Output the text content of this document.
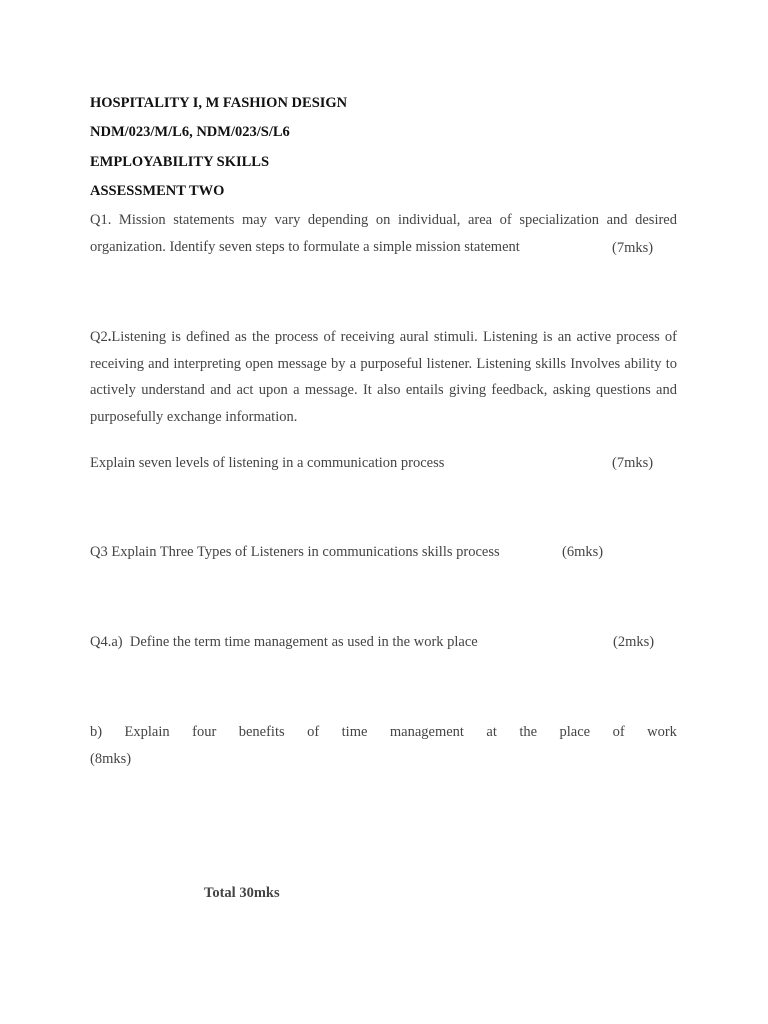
HOSPITALITY I, M FASHION DESIGN
NDM/023/M/L6, NDM/023/S/L6
EMPLOYABILITY SKILLS
ASSESSMENT TWO

Q1. Mission statements may vary depending on individual, area of specialization and desired organization. Identify seven steps to formulate a simple mission statement	(7mks)

Q2.Listening is defined as the process of receiving aural stimuli. Listening is an active process of receiving and interpreting open message by a purposeful listener. Listening skills Involves ability to actively understand and act upon a message. It also entails giving feedback, asking questions and purposefully exchange information.

Explain seven levels of listening in a communication process	(7mks)
Q3 Explain Three Types of Listeners in communications skills process	(6mks)
Q4.a)  Define the term time management as used in the work place	(2mks)
b) Explain four benefits of time management at the place of work
(8mks)
Total 30mks
